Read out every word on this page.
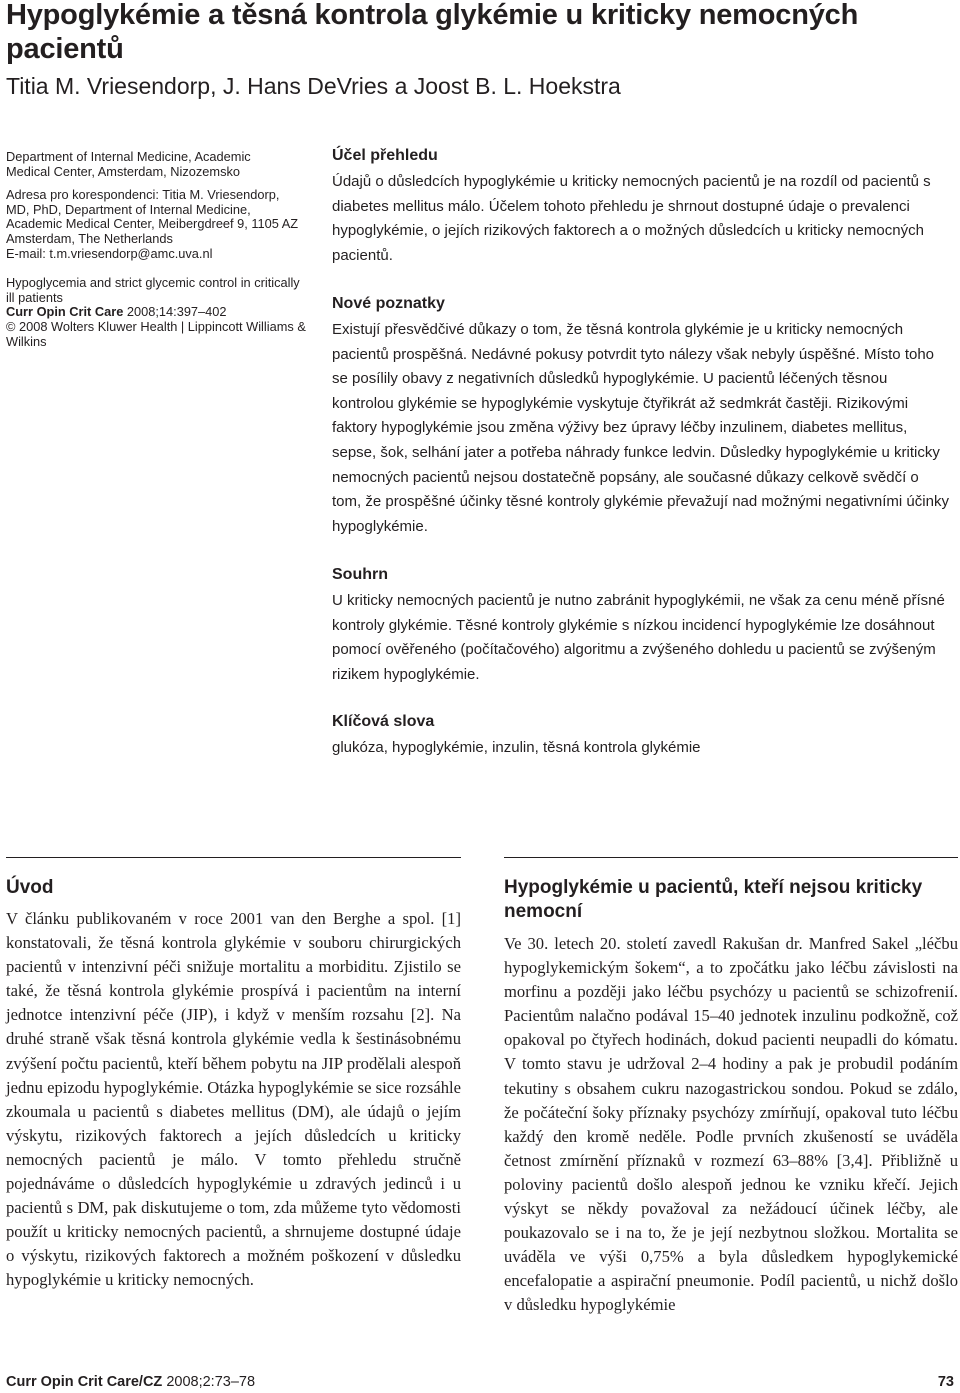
Hypoglykémie a těsná kontrola glykémie u kriticky nemocných pacientů
Titia M. Vriesendorp, J. Hans DeVries a Joost B. L. Hoekstra

Department of Internal Medicine, Academic Medical Center, Amsterdam, Nizozemsko

Adresa pro korespondenci: Titia M. Vriesendorp, MD, PhD, Department of Internal Medicine, Academic Medical Center, Meibergdreef 9, 1105 AZ Amsterdam, The Netherlands

E-mail: t.m.vriesendorp@amc.uva.nl

Hypoglycemia and strict glycemic control in critically ill patients

Curr Opin Crit Care 2008;14:397–402

© 2008 Wolters Kluwer Health | Lippincott Williams & Wilkins

Účel přehledu

Údajů o důsledcích hypoglykémie u kriticky nemocných pacientů je na rozdíl od pacientů s diabetes mellitus málo. Účelem tohoto přehledu je shrnout dostupné údaje o prevalenci hypoglykémie, o jejích rizikových faktorech a o možných důsledcích u kriticky nemocných pacientů.

Nové poznatky

Existují přesvědčivé důkazy o tom, že těsná kontrola glykémie je u kriticky nemocných pacientů prospěšná. Nedávné pokusy potvrdit tyto nálezy však nebyly úspěšné. Místo toho se posílily obavy z negativních důsledků hypoglykémie. U pacientů léčených těsnou kontrolou glykémie se hypoglykémie vyskytuje čtyřikrát až sedmkrát častěji. Rizikovými faktory hypoglykémie jsou změna výživy bez úpravy léčby inzulinem, diabetes mellitus, sepse, šok, selhání jater a potřeba náhrady funkce ledvin. Důsledky hypoglykémie u kriticky nemocných pacientů nejsou dostatečně popsány, ale současné důkazy celkově svědčí o tom, že prospěšné účinky těsné kontroly glykémie převažují nad možnými negativními účinky hypoglykémie.

Souhrn

U kriticky nemocných pacientů je nutno zabránit hypoglykémii, ne však za cenu méně přísné kontroly glykémie. Těsné kontroly glykémie s nízkou incidencí hypoglykémie lze dosáhnout pomocí ověřeného (počítačového) algoritmu a zvýšeného dohledu u pacientů se zvýšeným rizikem hypoglykémie.

Klíčová slova

glukóza, hypoglykémie, inzulin, těsná kontrola glykémie

Úvod

V článku publikovaném v roce 2001 van den Berghe a spol. [1] konstatovali, že těsná kontrola glykémie v souboru chirurgických pacientů v intenzivní péči snižuje mortalitu a morbiditu. Zjistilo se také, že těsná kontrola glykémie prospívá i pacientům na interní jednotce intenzivní péče (JIP), i když v menším rozsahu [2]. Na druhé straně však těsná kontrola glykémie vedla k šestinásobnému zvýšení počtu pacientů, kteří během pobytu na JIP prodělali alespoň jednu epizodu hypoglykémie. Otázka hypoglykémie se sice rozsáhle zkoumala u pacientů s diabetes mellitus (DM), ale údajů o jejím výskytu, rizikových faktorech a jejích důsledcích u kriticky nemocných pacientů je málo. V tomto přehledu stručně pojednáváme o důsledcích hypoglykémie u zdravých jedinců i u pacientů s DM, pak diskutujeme o tom, zda můžeme tyto vědomosti použít u kriticky nemocných pacientů, a shrnujeme dostupné údaje o výskytu, rizikových faktorech a možném poškození v důsledku hypoglykémie u kriticky nemocných.

Hypoglykémie u pacientů, kteří nejsou kriticky nemocní

Ve 30. letech 20. století zavedl Rakušan dr. Manfred Sakel „léčbu hypoglykemickým šokem“, a to zpočátku jako léčbu závislosti na morfinu a později jako léčbu psychózy u pacientů se schizofrenií. Pacientům nalačno podával 15–40 jednotek inzulinu podkožně, což opakoval po čtyřech hodinách, dokud pacienti neupadli do kómatu. V tomto stavu je udržoval 2–4 hodiny a pak je probudil podáním tekutiny s obsahem cukru nazogastrickou sondou. Pokud se zdálo, že počáteční šoky příznaky psychózy zmírňují, opakoval tuto léčbu každý den kromě neděle. Podle prvních zkušeností se uváděla četnost zmírnění příznaků v rozmezí 63–88% [3,4]. Přibližně u poloviny pacientů došlo alespoň jednou ke vzniku křečí. Jejich výskyt se někdy považoval za nežádoucí účinek léčby, ale poukazovalo se i na to, že je její nezbytnou složkou. Mortalita se uváděla ve výši 0,75% a byla důsledkem hypoglykemické encefalopatie a aspirační pneumonie. Podíl pacientů, u nichž došlo v důsledku hypoglykémie

Curr Opin Crit Care/CZ 2008;2:73–78	73
